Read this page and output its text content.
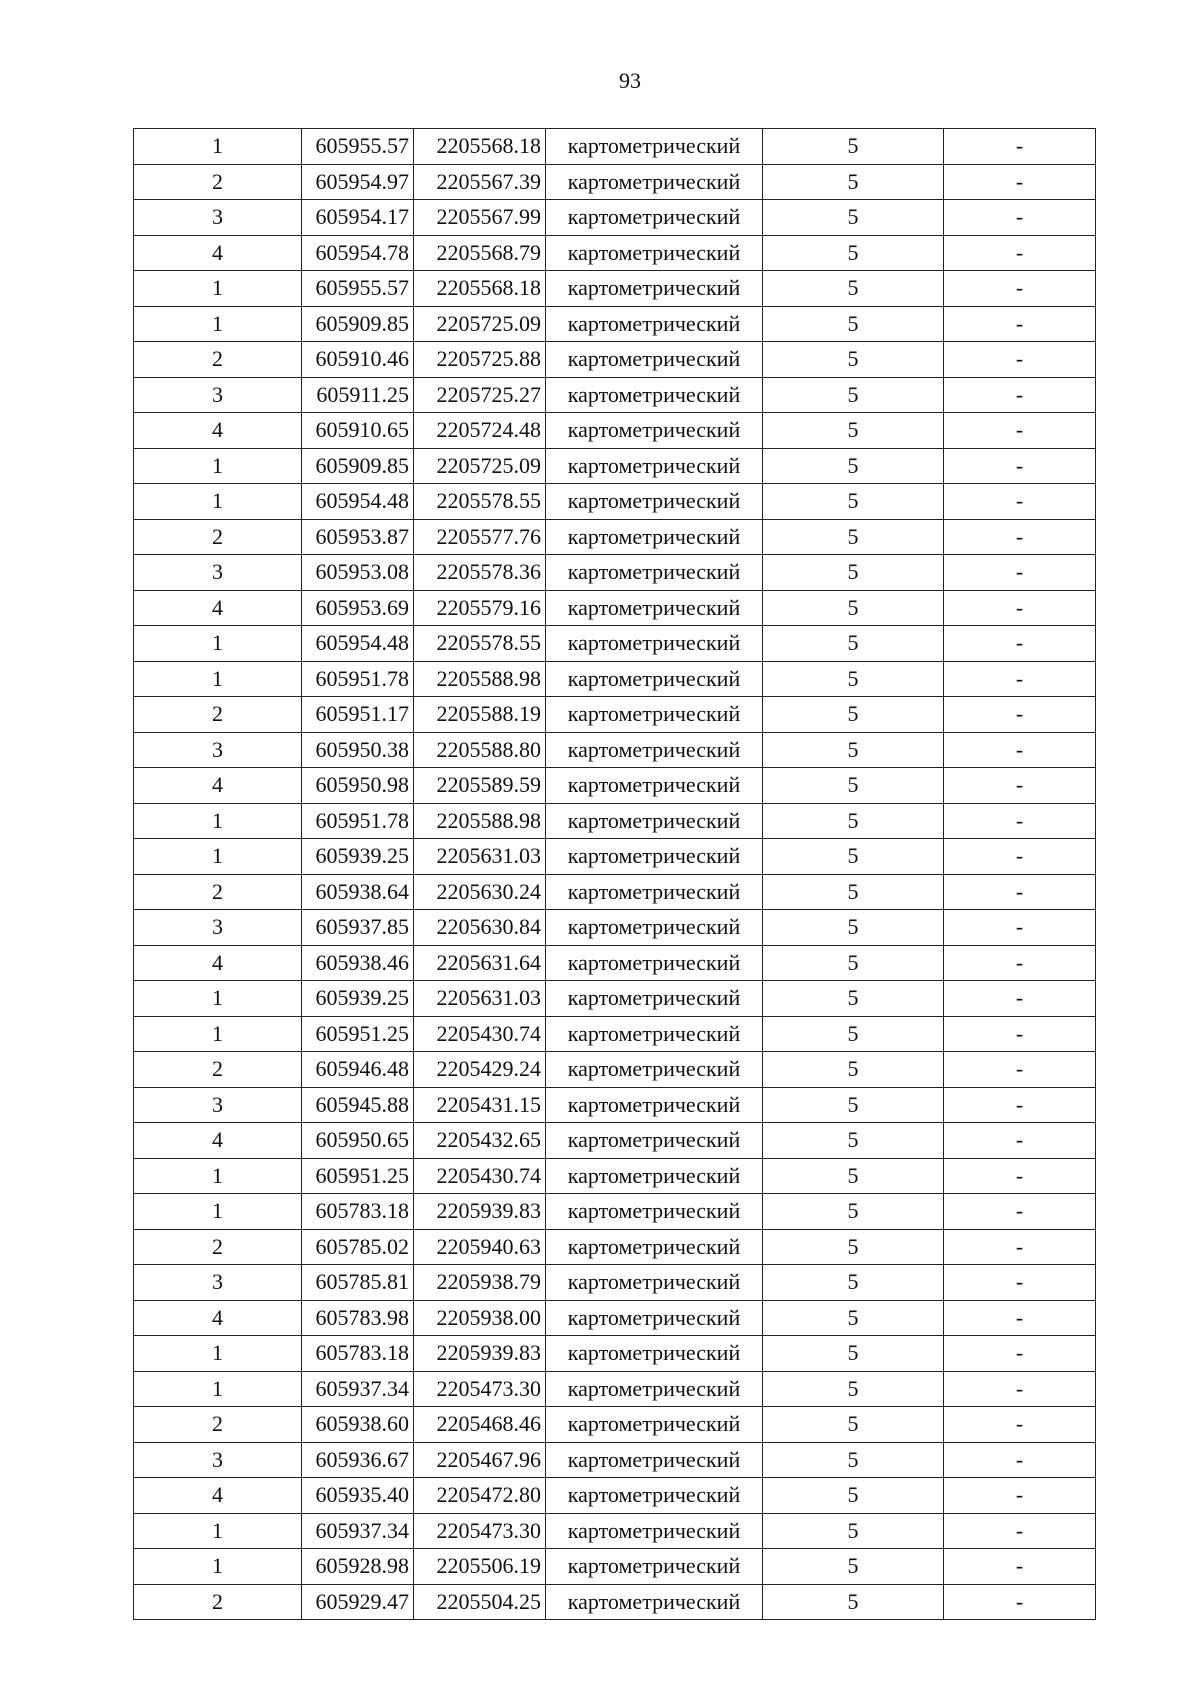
93
1	605955.57	2205568.18	картометрический	5	-
2	605954.97	2205567.39	картометрический	5	-
3	605954.17	2205567.99	картометрический	5	-
4	605954.78	2205568.79	картометрический	5	-
1	605955.57	2205568.18	картометрический	5	-
1	605909.85	2205725.09	картометрический	5	-
2	605910.46	2205725.88	картометрический	5	-
3	605911.25	2205725.27	картометрический	5	-
4	605910.65	2205724.48	картометрический	5	-
1	605909.85	2205725.09	картометрический	5	-
1	605954.48	2205578.55	картометрический	5	-
2	605953.87	2205577.76	картометрический	5	-
3	605953.08	2205578.36	картометрический	5	-
4	605953.69	2205579.16	картометрический	5	-
1	605954.48	2205578.55	картометрический	5	-
1	605951.78	2205588.98	картометрический	5	-
2	605951.17	2205588.19	картометрический	5	-
3	605950.38	2205588.80	картометрический	5	-
4	605950.98	2205589.59	картометрический	5	-
1	605951.78	2205588.98	картометрический	5	-
1	605939.25	2205631.03	картометрический	5	-
2	605938.64	2205630.24	картометрический	5	-
3	605937.85	2205630.84	картометрический	5	-
4	605938.46	2205631.64	картометрический	5	-
1	605939.25	2205631.03	картометрический	5	-
1	605951.25	2205430.74	картометрический	5	-
2	605946.48	2205429.24	картометрический	5	-
3	605945.88	2205431.15	картометрический	5	-
4	605950.65	2205432.65	картометрический	5	-
1	605951.25	2205430.74	картометрический	5	-
1	605783.18	2205939.83	картометрический	5	-
2	605785.02	2205940.63	картометрический	5	-
3	605785.81	2205938.79	картометрический	5	-
4	605783.98	2205938.00	картометрический	5	-
1	605783.18	2205939.83	картометрический	5	-
1	605937.34	2205473.30	картометрический	5	-
2	605938.60	2205468.46	картометрический	5	-
3	605936.67	2205467.96	картометрический	5	-
4	605935.40	2205472.80	картометрический	5	-
1	605937.34	2205473.30	картометрический	5	-
1	605928.98	2205506.19	картометрический	5	-
2	605929.47	2205504.25	картометрический	5	-
